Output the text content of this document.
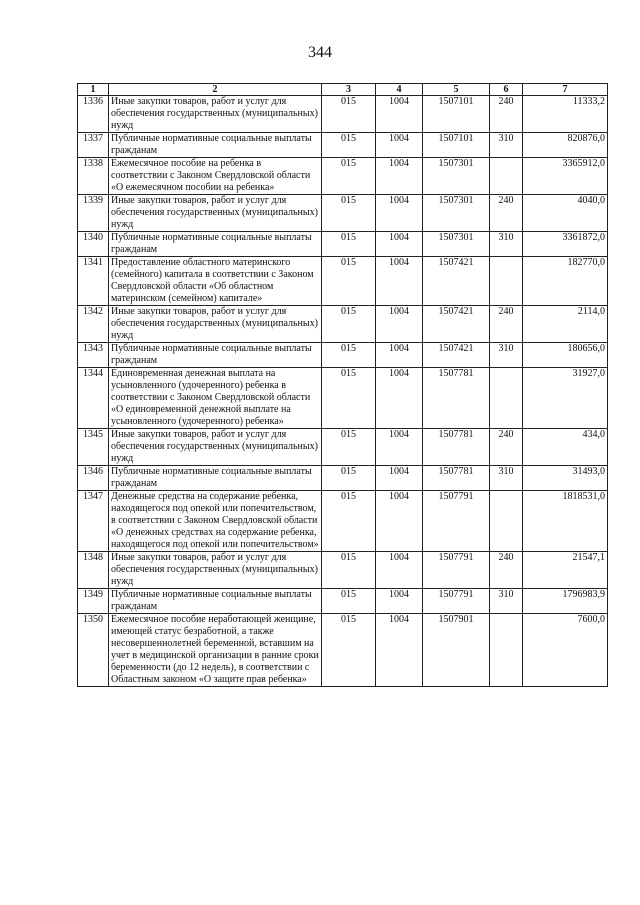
344
1	2	3	4	5	6	7
1336	Иные закупки товаров, работ и услуг для обеспечения государственных (муниципальных) нужд	015	1004	1507101	240	11333,2
1337	Публичные нормативные социальные выплаты гражданам	015	1004	1507101	310	820876,0
1338	Ежемесячное пособие на ребенка в соответствии с Законом Свердловской области «О ежемесячном пособии на ребенка»	015	1004	1507301		3365912,0
1339	Иные закупки товаров, работ и услуг для обеспечения государственных (муниципальных) нужд	015	1004	1507301	240	4040,0
1340	Публичные нормативные социальные выплаты гражданам	015	1004	1507301	310	3361872,0
1341	Предоставление областного материнского (семейного) капитала в соответствии с Законом Свердловской области «Об областном материнском (семейном) капитале»	015	1004	1507421		182770,0
1342	Иные закупки товаров, работ и услуг для обеспечения государственных (муниципальных) нужд	015	1004	1507421	240	2114,0
1343	Публичные нормативные социальные выплаты гражданам	015	1004	1507421	310	180656,0
1344	Единовременная денежная выплата на усыновленного (удочеренного) ребенка в соответствии с Законом Свердловской области «О единовременной денежной выплате на усыновленного (удочеренного) ребенка»	015	1004	1507781		31927,0
1345	Иные закупки товаров, работ и услуг для обеспечения государственных (муниципальных) нужд	015	1004	1507781	240	434,0
1346	Публичные нормативные социальные выплаты гражданам	015	1004	1507781	310	31493,0
1347	Денежные средства на содержание ребенка, находящегося под опекой или попечительством, в соответствии с Законом Свердловской области «О денежных средствах на содержание ребенка, находящегося под опекой или попечительством»	015	1004	1507791		1818531,0
1348	Иные закупки товаров, работ и услуг для обеспечения государственных (муниципальных) нужд	015	1004	1507791	240	21547,1
1349	Публичные нормативные социальные выплаты гражданам	015	1004	1507791	310	1796983,9
1350	Ежемесячное пособие неработающей женщине, имеющей статус безработной, а также несовершеннолетней беременной, вставшим на учет в медицинской организации в ранние сроки беременности (до 12 недель), в соответствии с Областным законом «О защите прав ребенка»	015	1004	1507901		7600,0
